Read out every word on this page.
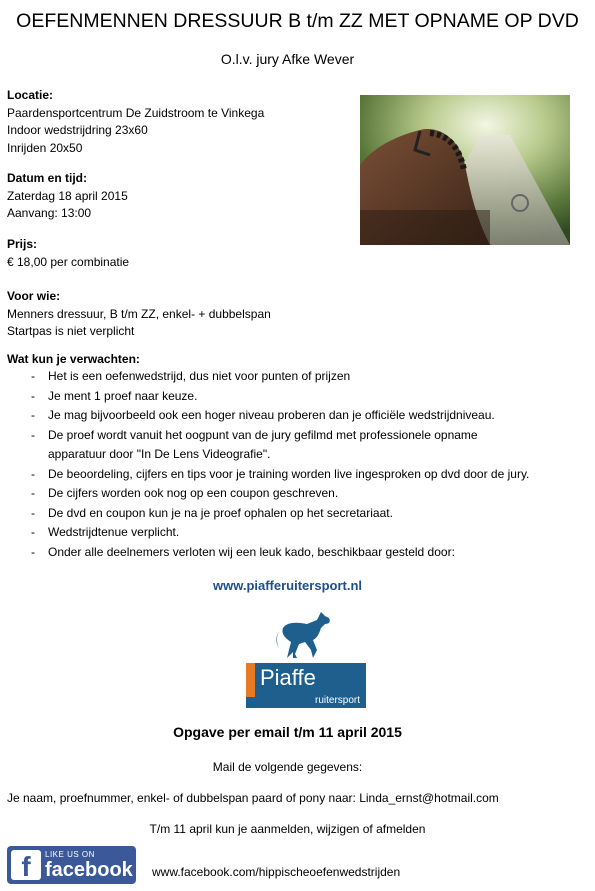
OEFENMENNEN DRESSUUR B t/m ZZ MET OPNAME OP DVD
O.l.v. jury Afke Wever
Locatie:
Paardensportcentrum De Zuidstroom te Vinkega
Indoor wedstrijdring 23x60
Inrijden 20x50
Datum en tijd:
Zaterdag 18 april 2015
Aanvang: 13:00
Prijs:
€ 18,00 per combinatie
Voor wie:
Menners dressuur, B t/m ZZ, enkel- + dubbelspan
Startpas is niet verplicht
Wat kun je verwachten:
- Het is een oefenwedstrijd, dus niet voor punten of prijzen
- Je ment 1 proef naar keuze.
- Je mag bijvoorbeeld ook een hoger niveau proberen dan je officiële wedstrijdniveau.
- De proef wordt vanuit het oogpunt van de jury gefilmd met professionele opname
apparatuur door "In De Lens Videografie".
- De beoordeling, cijfers en tips voor je training worden live ingesproken op dvd door de jury.
- De cijfers worden ook nog op een coupon geschreven.
- De dvd en coupon kun je na je proef ophalen op het secretariaat.
- Wedstrijdtenue verplicht.
- Onder alle deelnemers verloten wij een leuk kado, beschikbaar gesteld door:
www.piafferuitersport.nl
Piaffe
ruitersport
Opgave per email t/m 11 april 2015
Mail de volgende gegevens:
Je naam, proefnummer, enkel- of dubbelspan paard of pony naar: Linda_ernst@hotmail.com
T/m 11 april kun je aanmelden, wijzigen of afmelden
f	LIKE US ON
facebook www.facebook.com/hippischeoefenwedstrijden
